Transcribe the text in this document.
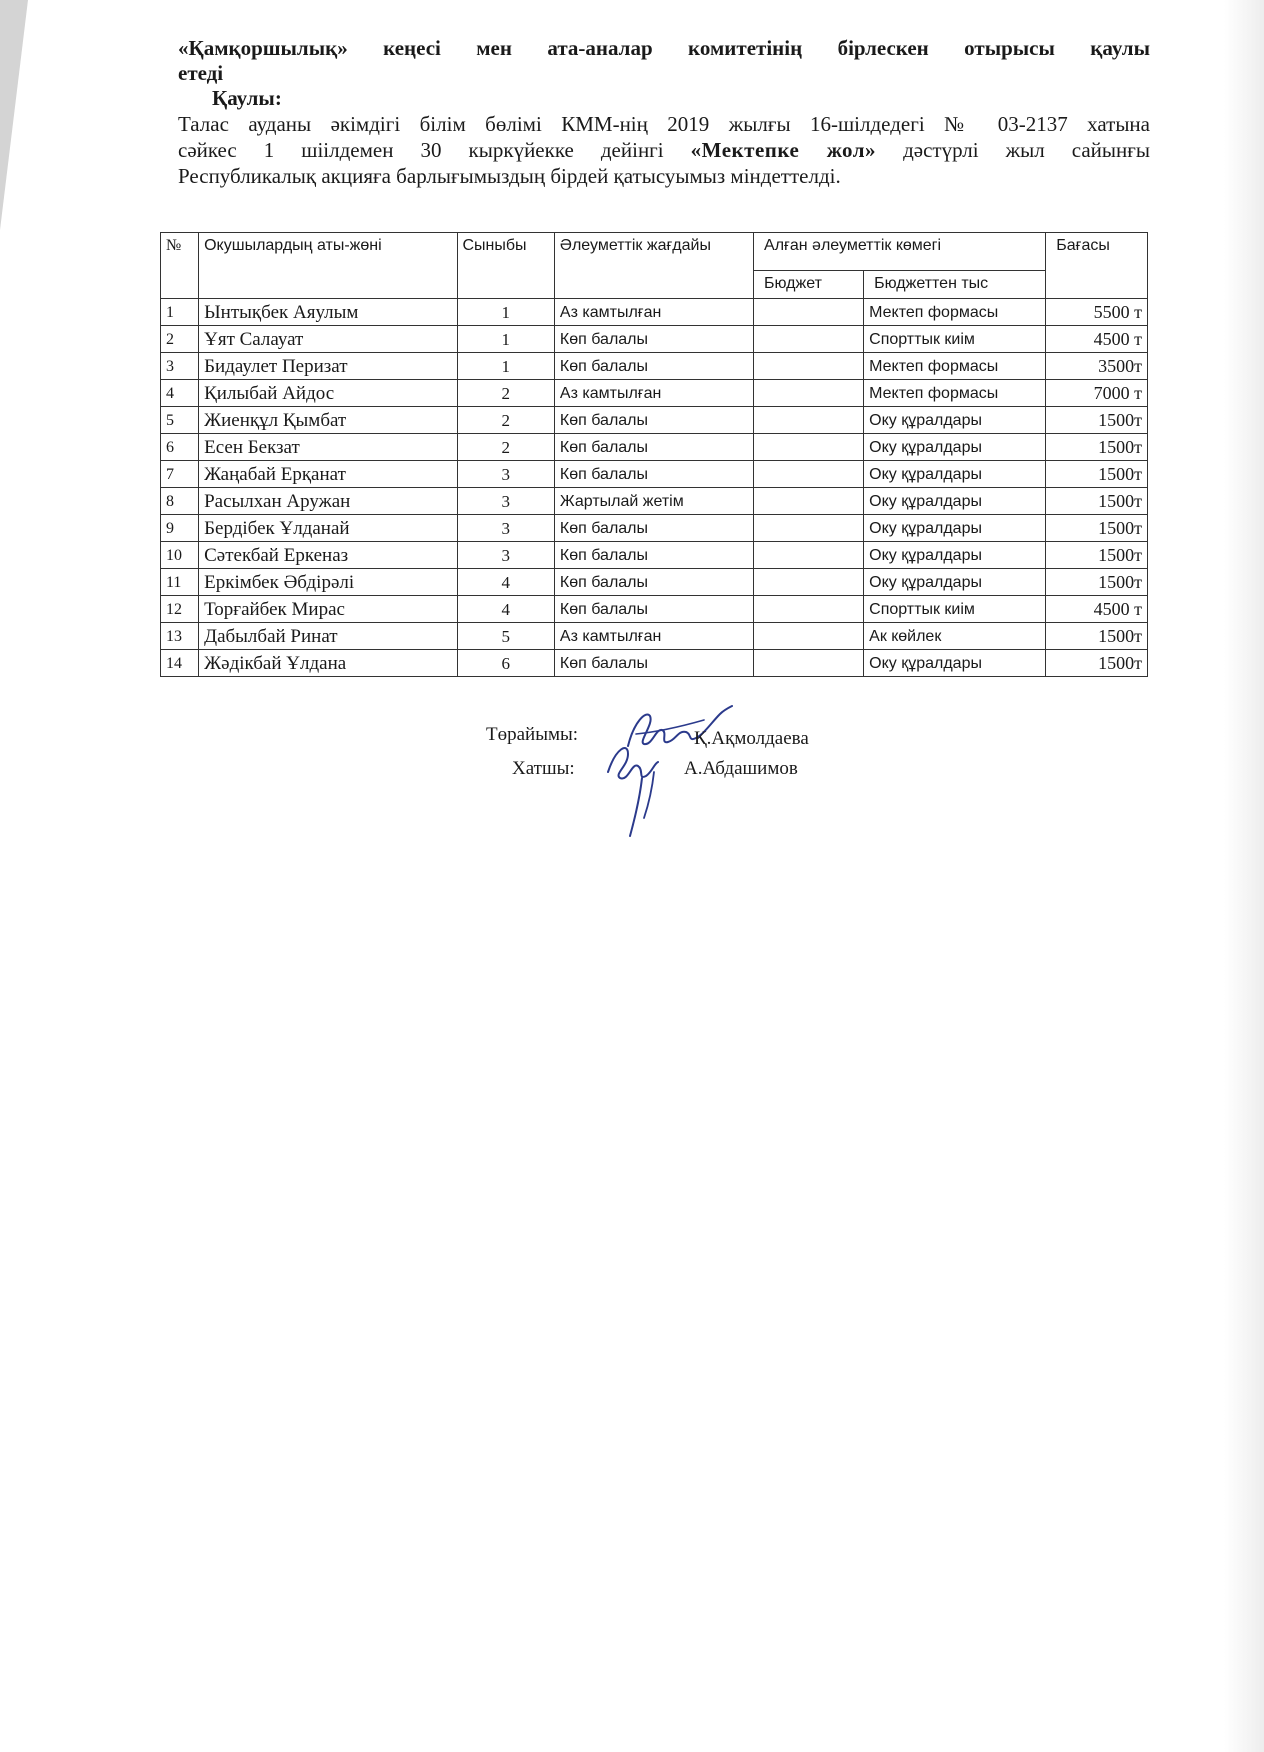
«Қамқоршылық» кеңесі мен ата-аналар комитетінің бірлескен отырысы қаулы

етеді

Қаулы:

Талас ауданы әкімдігі білім бөлімі КММ-нің 2019 жылғы 16-шілдедегі № 03-2137 хатына
сәйкес 1 шіілдемен 30 кыркүйекке дейінгі «Мектепке жол» дәстүрлі жыл сайынғы
Республикалық акцияға барлығымыздың бірдей қатысуымыз міндеттелді.
№	Окушылардың аты-жөні	Сыныбы	Әлеуметтік жағдайы	Алған әлеуметтік көмегі		Бағасы
				Бюджет	Бюджеттен тыс	
1	Ынтықбек Аяулым	1	Аз камтылған		Мектеп формасы	5500 т
2	Ұят Салауат	1	Көп балалы		Спорттык киім	4500 т
3	Бидаулет Перизат	1	Көп балалы		Мектеп формасы	3500т
4	Қилыбай Айдос	2	Аз камтылған		Мектеп формасы	7000 т
5	Жиенқұл Қымбат	2	Көп балалы		Оку құралдары	1500т
6	Есен Бекзат	2	Көп балалы		Оку құралдары	1500т
7	Жаңабай Ерқанат	3	Көп балалы		Оку құралдары	1500т
8	Расылхан Аружан	3	Жартылай жетім		Оку құралдары	1500т
9	Бердібек Ұлданай	3	Көп балалы		Оку құралдары	1500т
10	Сәтекбай Еркеназ	3	Көп балалы		Оку құралдары	1500т
11	Еркімбек Әбдірәлі	4	Көп балалы		Оку құралдары	1500т
12	Торғайбек Мирас	4	Көп балалы		Спорттык киім	4500 т
13	Дабылбай Ринат	5	Аз камтылған		Ак көйлек	1500т
14	Жәдікбай Ұлдана	6	Көп балалы		Оку құралдары	1500т
Төрайымы:	Қ.Ақмолдаева
Хатшы:	А.Абдашимов
